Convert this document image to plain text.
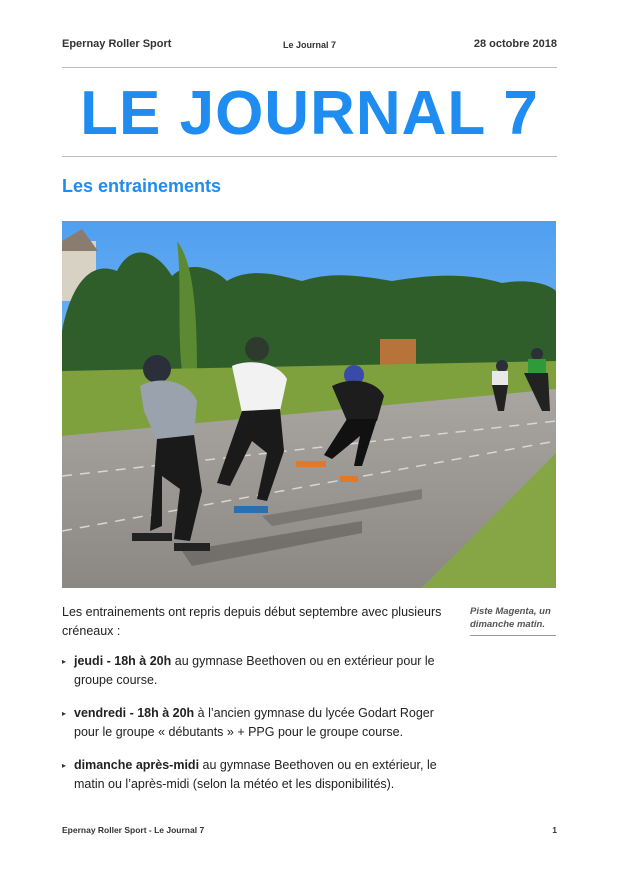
Epernay Roller Sport	Le Journal 7	28 octobre 2018
LE JOURNAL 7
Les entrainements
Les entrainements ont repris depuis début septembre avec plusieurs créneaux :
Piste Magenta, un dimanche matin.
▸ jeudi - 18h à 20h au gymnase Beethoven ou en extérieur pour le groupe course.
▸ vendredi - 18h à 20h à l’ancien gymnase du lycée Godart Roger pour le groupe « débutants » + PPG pour le groupe course.
▸ dimanche après-midi au gymnase Beethoven ou en extérieur, le matin ou l’après-midi (selon la météo et les disponibilités).
Epernay Roller Sport - Le Journal 7	1
